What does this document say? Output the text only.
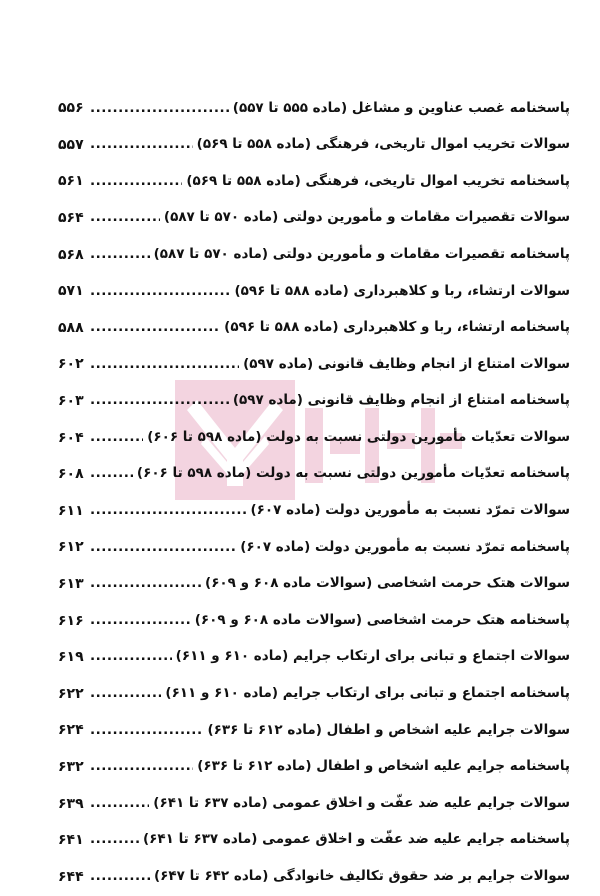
پاسخنامه غصب عناوین و مشاغل (ماده ۵۵۵ تا ۵۵۷)
.....
۵۵۶
سوالات تخریب اموال تاریخی، فرهنگی (ماده ۵۵۸ تا ۵۶۹)
.....
۵۵۷
پاسخنامه تخریب اموال تاریخی، فرهنگی (ماده ۵۵۸ تا ۵۶۹)
.....
۵۶۱
سوالات تقصیرات مقامات و مأمورین دولتی (ماده ۵۷۰ تا ۵۸۷)
.....
۵۶۴
پاسخنامه تقصیرات مقامات و مأمورین دولتی (ماده ۵۷۰ تا ۵۸۷)
.....
۵۶۸
سوالات ارتشاء، ربا و کلاهبرداری (ماده ۵۸۸ تا ۵۹۶)
.....
۵۷۱
پاسخنامه ارتشاء، ربا و کلاهبرداری (ماده ۵۸۸ تا ۵۹۶)
.....
۵۸۸
سوالات امتناع از انجام وظایف قانونی (ماده ۵۹۷)
.....
۶۰۲
پاسخنامه امتناع از انجام وظایف قانونی (ماده ۵۹۷)
.....
۶۰۳
سوالات تعدّیات مأمورین دولتی نسبت به دولت (ماده ۵۹۸ تا ۶۰۶)
.....
۶۰۴
پاسخنامه تعدّیات مأمورین دولتی نسبت به دولت (ماده ۵۹۸ تا ۶۰۶)
.....
۶۰۸
سوالات تمرّد نسبت به مأمورین دولت (ماده ۶۰۷)
.....
۶۱۱
پاسخنامه تمرّد نسبت به مأمورین دولت (ماده ۶۰۷)
.....
۶۱۲
سوالات هتک حرمت اشخاصی (سوالات ماده ۶۰۸ و ۶۰۹)
.....
۶۱۳
پاسخنامه هتک حرمت اشخاصی (سوالات ماده ۶۰۸ و ۶۰۹)
.....
۶۱۶
سوالات اجتماع و تبانی برای ارتکاب جرایم (ماده ۶۱۰ و ۶۱۱)
.....
۶۱۹
پاسخنامه اجتماع و تبانی برای ارتکاب جرایم (ماده ۶۱۰ و ۶۱۱)
.....
۶۲۲
سوالات جرایم علیه اشخاص و اطفال (ماده ۶۱۲ تا ۶۳۶)
.....
۶۲۴
پاسخنامه جرایم علیه اشخاص و اطفال (ماده ۶۱۲ تا ۶۳۶)
.....
۶۳۲
سوالات جرایم علیه ضد عفّت و اخلاق عمومی (ماده ۶۳۷ تا ۶۴۱)
.....
۶۳۹
پاسخنامه جرایم علیه ضد عفّت و اخلاق عمومی (ماده ۶۳۷ تا ۶۴۱)
.....
۶۴۱
سوالات جرایم بر ضد حقوق تکالیف خانوادگی (ماده ۶۴۲ تا ۶۴۷)
.....
۶۴۴
